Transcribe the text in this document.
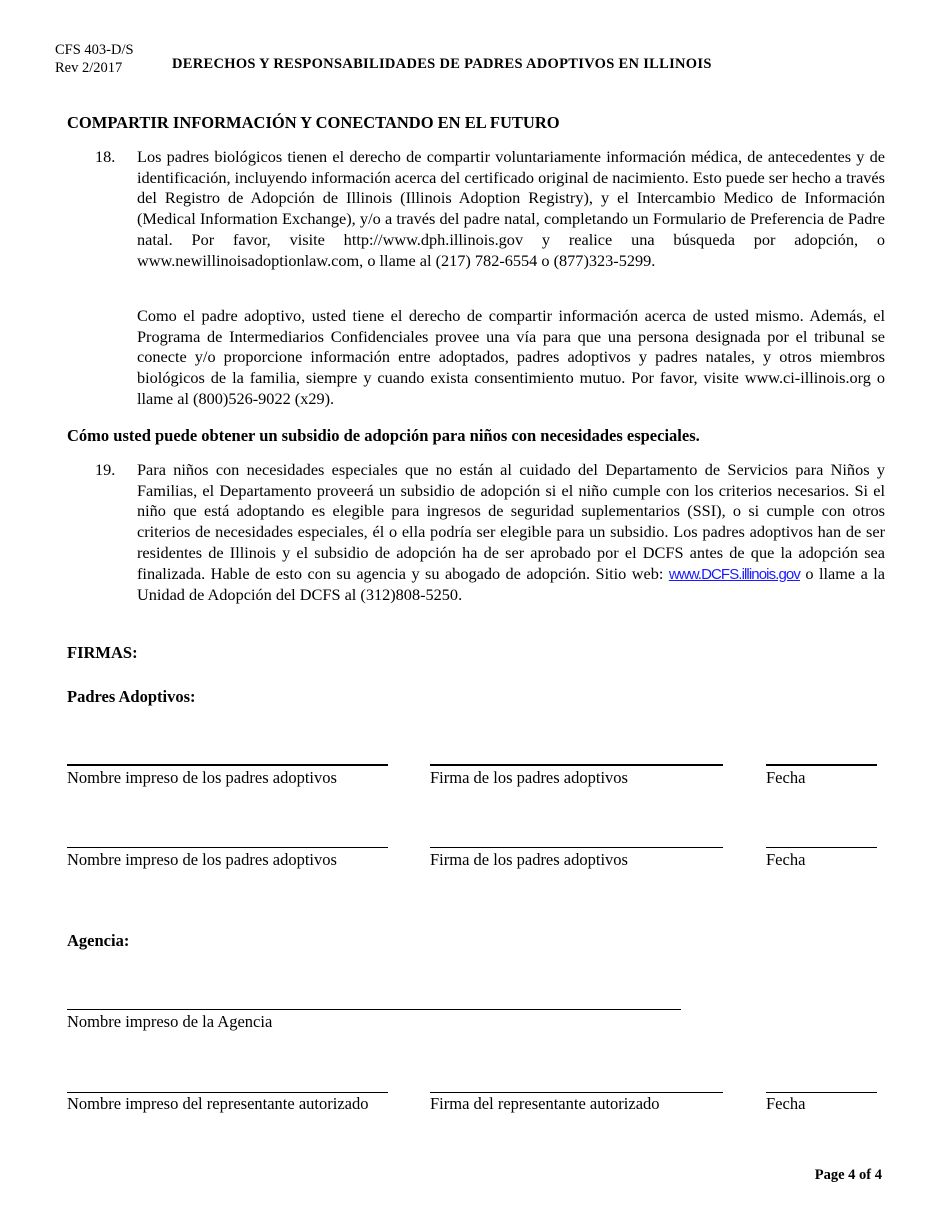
CFS 403-D/S
Rev 2/2017	DERECHOS Y RESPONSABILIDADES DE PADRES ADOPTIVOS EN ILLINOIS
COMPARTIR INFORMACIÓN Y CONECTANDO EN EL FUTURO
18. Los padres biológicos tienen el derecho de compartir voluntariamente información médica, de antecedentes y de identificación, incluyendo información acerca del certificado original de nacimiento. Esto puede ser hecho a través del Registro de Adopción de Illinois (Illinois Adoption Registry), y el Intercambio Medico de Información (Medical Information Exchange), y/o a través del padre natal, completando un Formulario de Preferencia de Padre natal. Por favor, visite http://www.dph.illinois.gov y realice una búsqueda por adopción, o www.newillinoisadoptionlaw.com, o llame al (217) 782-6554 o (877)323-5299.

Como el padre adoptivo, usted tiene el derecho de compartir información acerca de usted mismo. Además, el Programa de Intermediarios Confidenciales provee una vía para que una persona designada por el tribunal se conecte y/o proporcione información entre adoptados, padres adoptivos y padres natales, y otros miembros biológicos de la familia, siempre y cuando exista consentimiento mutuo. Por favor, visite www.ci-illinois.org o llame al (800)526-9022 (x29).

Cómo usted puede obtener un subsidio de adopción para niños con necesidades especiales.
19. Para niños con necesidades especiales que no están al cuidado del Departamento de Servicios para Niños y Familias, el Departamento proveerá un subsidio de adopción si el niño cumple con los criterios necesarios. Si el niño que está adoptando es elegible para ingresos de seguridad suplementarios (SSI), o si cumple con otros criterios de necesidades especiales, él o ella podría ser elegible para un subsidio. Los padres adoptivos han de ser residentes de Illinois y el subsidio de adopción ha de ser aprobado por el DCFS antes de que la adopción sea finalizada. Hable de esto con su agencia y su abogado de adopción. Sitio web: www.DCFS.illinois.gov o llame a la Unidad de Adopción del DCFS al (312)808-5250.

FIRMAS:
Padres Adoptivos:
Nombre impreso de los padres adoptivos	Firma de los padres adoptivos	Fecha
Nombre impreso de los padres adoptivos	Firma de los padres adoptivos	Fecha
Agencia:
Nombre impreso de la Agencia
Nombre impreso del representante autorizado	Firma del representante autorizado	Fecha
Page 4 of 4
